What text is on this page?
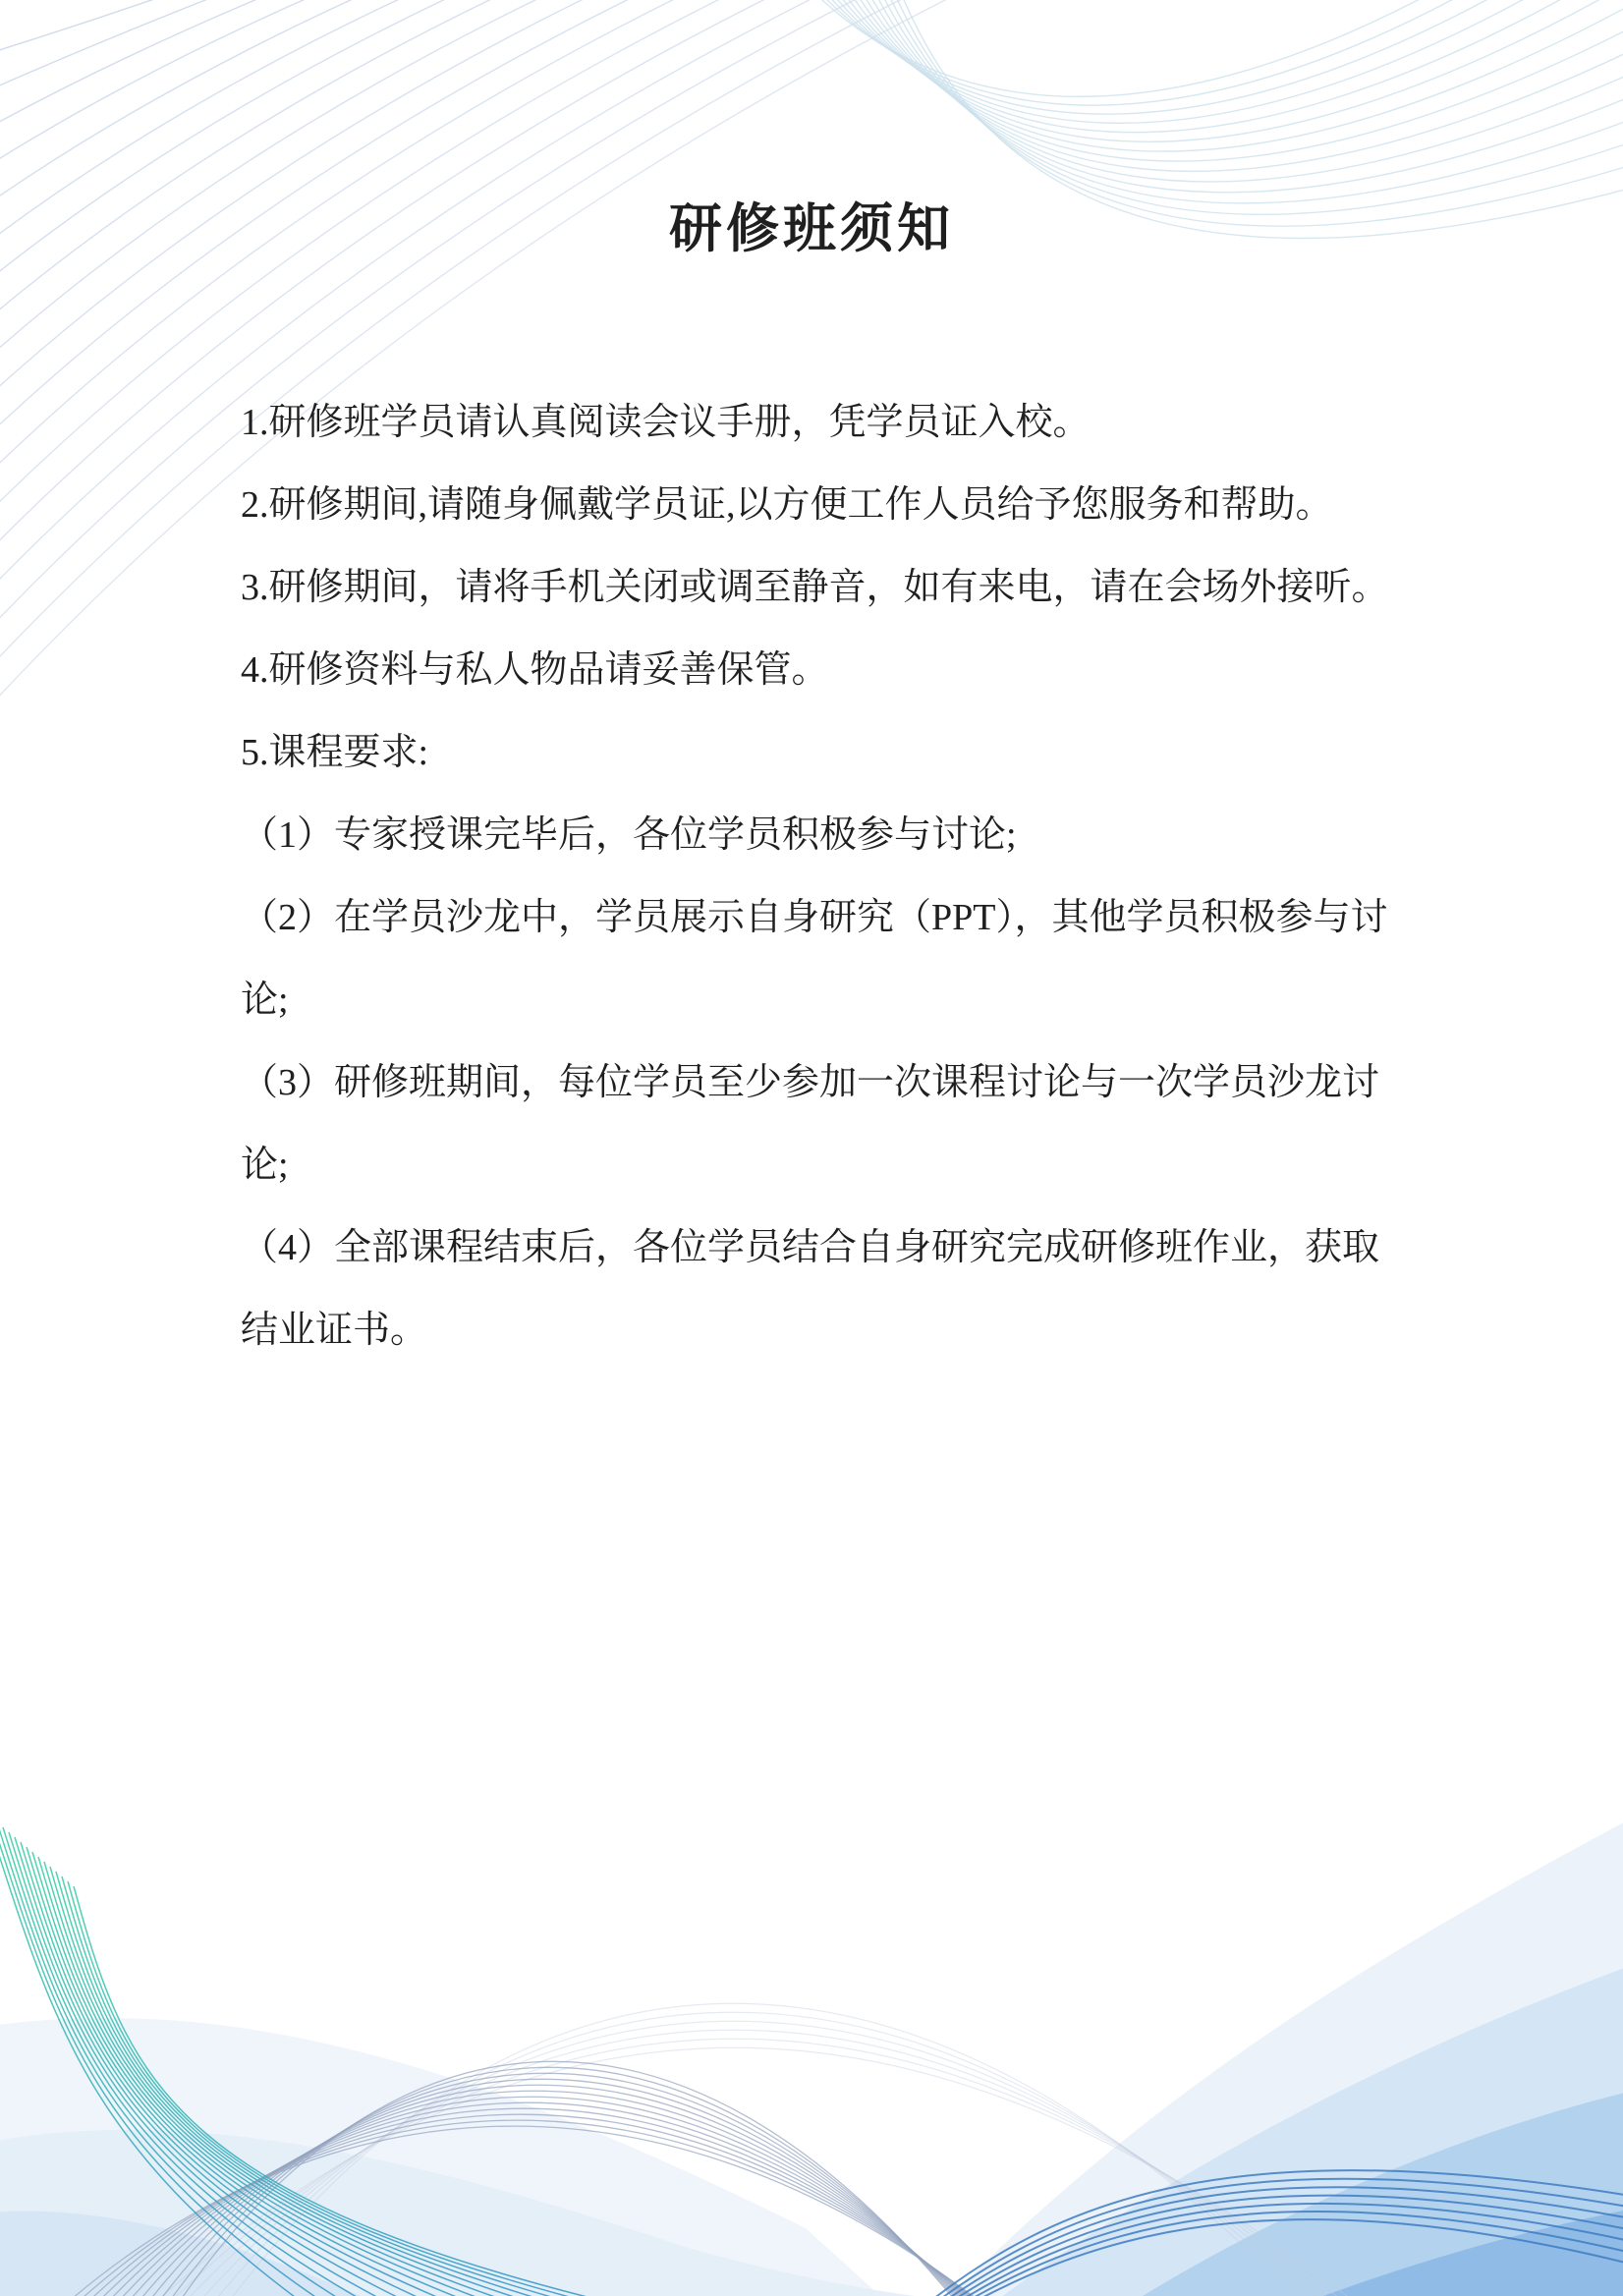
研修班须知

1.研修班学员请认真阅读会议手册，凭学员证入校。

2.研修期间,请随身佩戴学员证,以方便工作人员给予您服务和帮助。

3.研修期间，请将手机关闭或调至静音，如有来电，请在会场外接听。

4.研修资料与私人物品请妥善保管。

5.课程要求:

（1）专家授课完毕后，各位学员积极参与讨论;

（2）在学员沙龙中，学员展示自身研究（PPT），其他学员积极参与讨论;

（3）研修班期间，每位学员至少参加一次课程讨论与一次学员沙龙讨论;

（4）全部课程结束后，各位学员结合自身研究完成研修班作业，获取结业证书。
